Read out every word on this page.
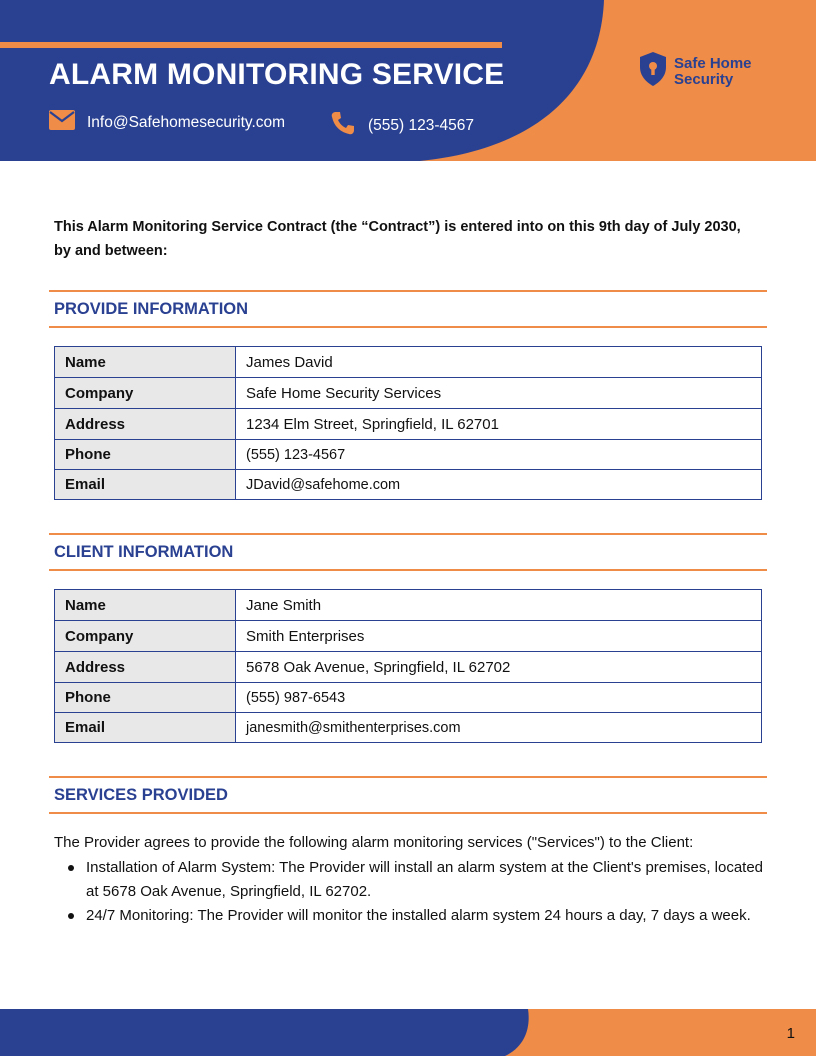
ALARM MONITORING SERVICE
Info@Safehomesecurity.com	(555) 123-4567
Safe Home
Security
This Alarm Monitoring Service Contract (the “Contract”) is entered into on this 9th day of July 2030, by and between:
PROVIDE INFORMATION
Name	James David
Company	Safe Home Security Services
Address	1234 Elm Street, Springfield, IL 62701
Phone	(555) 123-4567
Email	JDavid@safehome.com
CLIENT INFORMATION
Name	Jane Smith
Company	Smith Enterprises
Address	5678 Oak Avenue, Springfield, IL 62702
Phone	(555) 987-6543
Email	janesmith@smithenterprises.com
SERVICES PROVIDED
The Provider agrees to provide the following alarm monitoring services ("Services") to the Client:
Installation of Alarm System: The Provider will install an alarm system at the Client's premises, located at 5678 Oak Avenue, Springfield, IL 62702.
24/7 Monitoring: The Provider will monitor the installed alarm system 24 hours a day, 7 days a week.
1
